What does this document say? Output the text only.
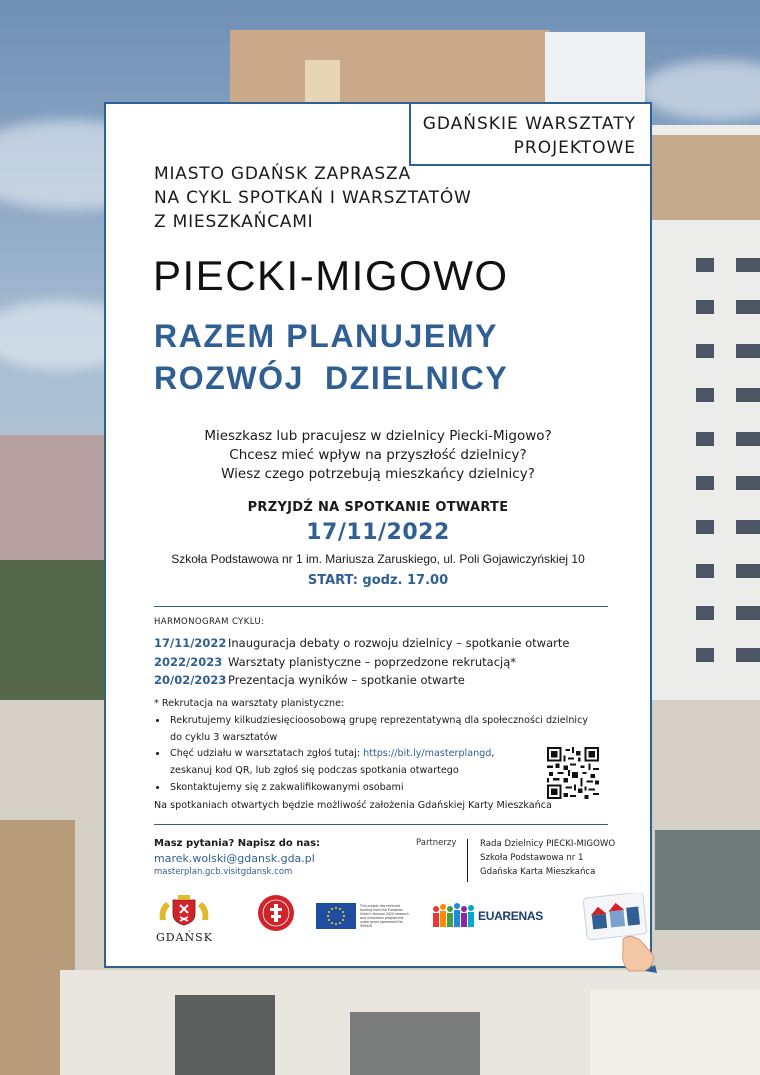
GDAŃSKIE WARSZTATY
PROJEKTOWE
MIASTO GDAŃSK ZAPRASZA
NA CYKL SPOTKAŃ I WARSZTATÓW
Z MIESZKAŃCAMI
PIECKI-MIGOWO
RAZEM PLANUJEMY
ROZWÓJ  DZIELNICY
Mieszkasz lub pracujesz w dzielnicy Piecki-Migowo?
Chcesz mieć wpływ na przyszłość dzielnicy?
Wiesz czego potrzebują mieszkańcy dzielnicy?
PRZYJDŹ NA SPOTKANIE OTWARTE
17/11/2022
Szkoła Podstawowa nr 1 im. Mariusza Zaruskiego, ul. Poli Gojawiczyńskiej 10
START: godz. 17.00
HARMONOGRAM CYKLU:
17/11/2022 Inauguracja debaty o rozwoju dzielnicy – spotkanie otwarte
2022/2023 Warsztaty planistyczne – poprzedzone rekrutacją*
20/02/2023 Prezentacja wyników – spotkanie otwarte
* Rekrutacja na warsztaty planistyczne:
• Rekrutujemy kilkudziesięcioosobową grupę reprezentatywną dla społeczności dzielnicy
do cyklu 3 warsztatów
• Chęć udziału w warsztatach zgłoś tutaj: https://bit.ly/masterplangd,
zeskanuj kod QR, lub zgłoś się podczas spotkania otwartego
• Skontaktujemy się z zakwalifikowanymi osobami
Na spotkaniach otwartych będzie możliwość założenia Gdańskiej Karty Mieszkańca
Masz pytania? Napisz do nas:
marek.wolski@gdansk.gda.pl
masterplan.gcb.visitgdansk.com
Partnerzy	Rada Dzielnicy PIECKI-MIGOWO
Szkoła Podstawowa nr 1
Gdańska Karta Mieszkańca
GDAŃSK
This project has received funding from the European Union's Horizon 2020 research and innovation programme under grant agreement No 959420
EUARENAS
